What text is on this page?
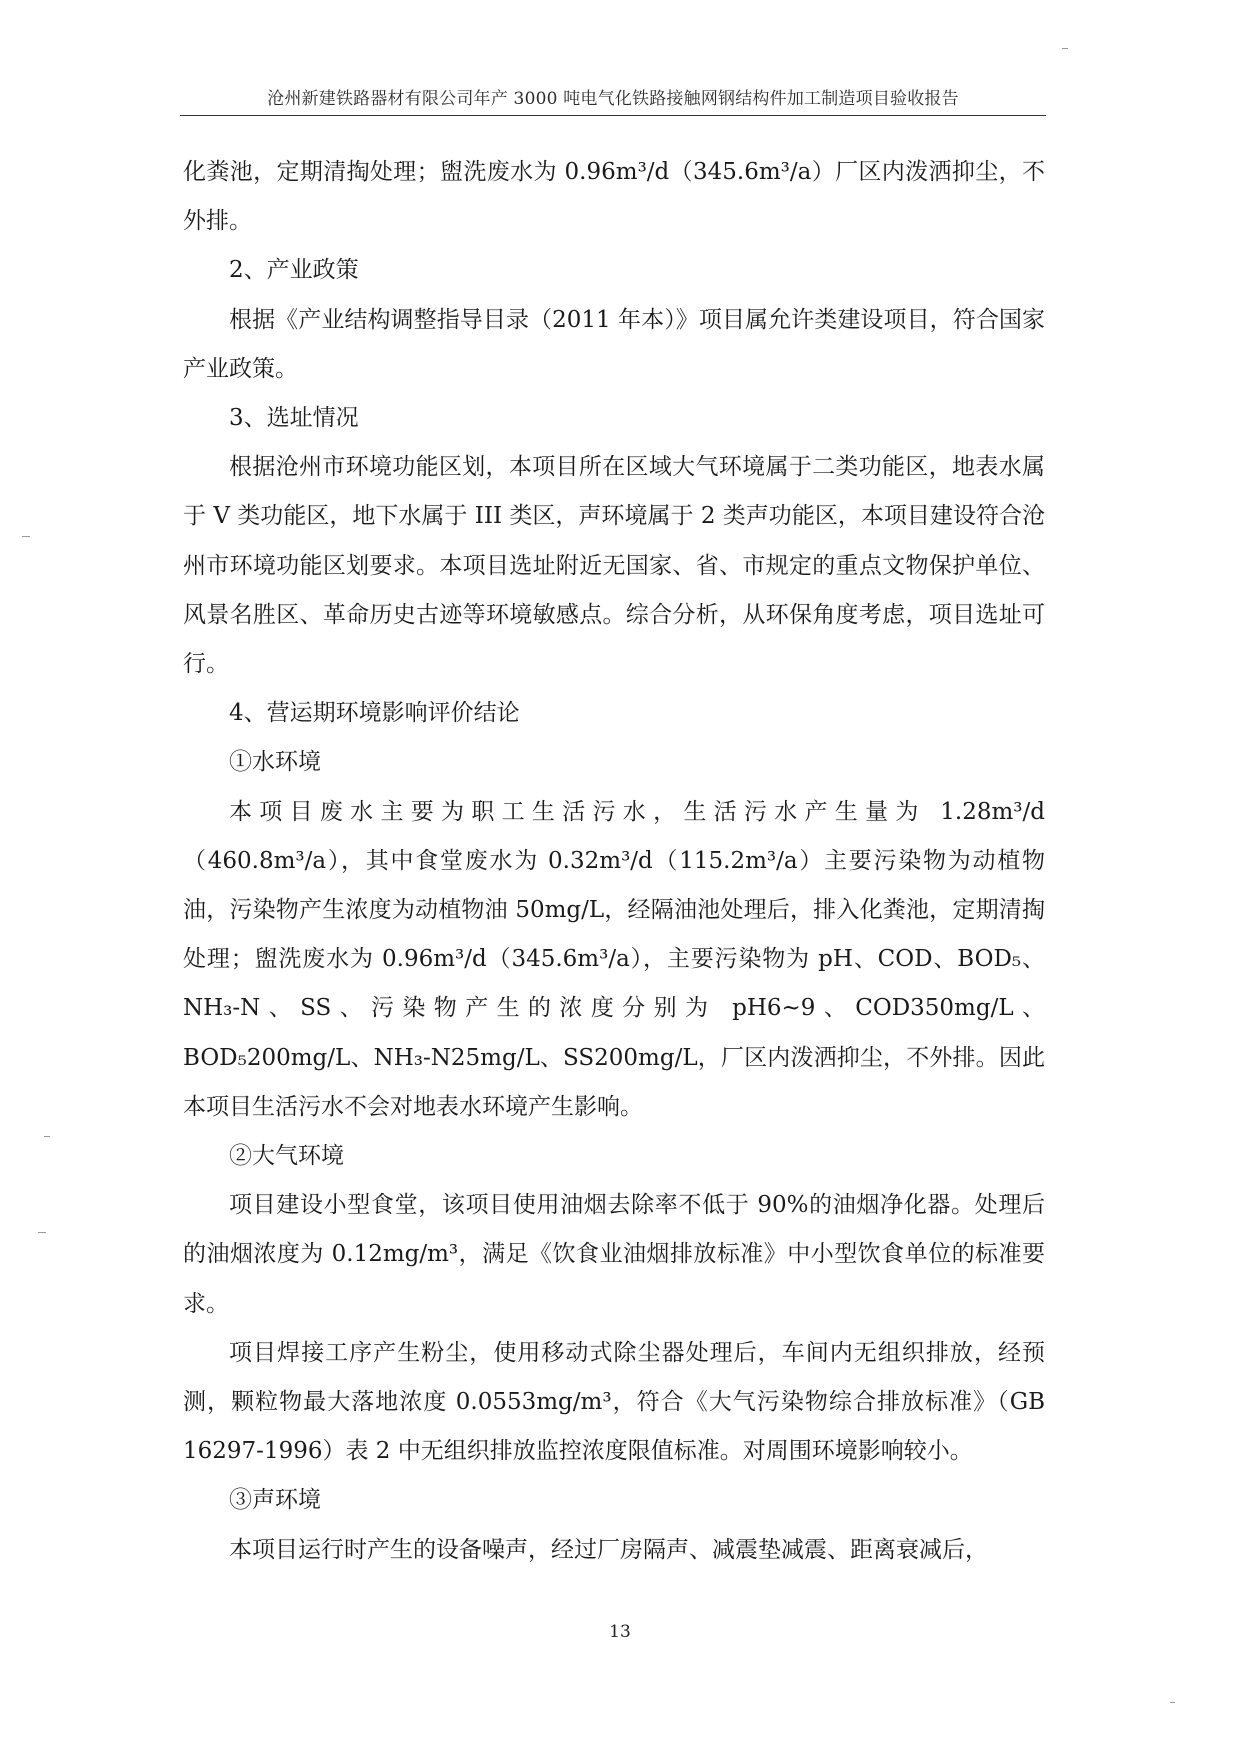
沧州新建铁路器材有限公司年产 3000 吨电气化铁路接触网钢结构件加工制造项目验收报告

化粪池，定期清掏处理；盥洗废水为 0.96m³/d（345.6m³/a）厂区内泼洒抑尘，不外排。

2、产业政策

根据《产业结构调整指导目录（2011 年本）》项目属允许类建设项目，符合国家产业政策。

3、选址情况

根据沧州市环境功能区划，本项目所在区域大气环境属于二类功能区，地表水属于 V 类功能区，地下水属于 III 类区，声环境属于 2 类声功能区，本项目建设符合沧州市环境功能区划要求。本项目选址附近无国家、省、市规定的重点文物保护单位、风景名胜区、革命历史古迹等环境敏感点。综合分析，从环保角度考虑，项目选址可行。

4、营运期环境影响评价结论

①水环境

本项目废水主要为职工生活污水，生活污水产生量为 1.28m³/d（460.8m³/a），其中食堂废水为 0.32m³/d（115.2m³/a）主要污染物为动植物油，污染物产生浓度为动植物油 50mg/L，经隔油池处理后，排入化粪池，定期清掏处理；盥洗废水为 0.96m³/d（345.6m³/a），主要污染物为 pH、COD、BOD₅、NH₃-N、SS、污染物产生的浓度分别为 pH6~9、COD350mg/L、BOD₅200mg/L、NH₃-N25mg/L、SS200mg/L，厂区内泼洒抑尘，不外排。因此本项目生活污水不会对地表水环境产生影响。

②大气环境

项目建设小型食堂，该项目使用油烟去除率不低于 90%的油烟净化器。处理后的油烟浓度为 0.12mg/m³，满足《饮食业油烟排放标准》中小型饮食单位的标准要求。

项目焊接工序产生粉尘，使用移动式除尘器处理后，车间内无组织排放，经预测，颗粒物最大落地浓度 0.0553mg/m³，符合《大气污染物综合排放标准》（GB 16297-1996）表 2 中无组织排放监控浓度限值标准。对周围环境影响较小。

③声环境

本项目运行时产生的设备噪声，经过厂房隔声、减震垫减震、距离衰减后，

13
